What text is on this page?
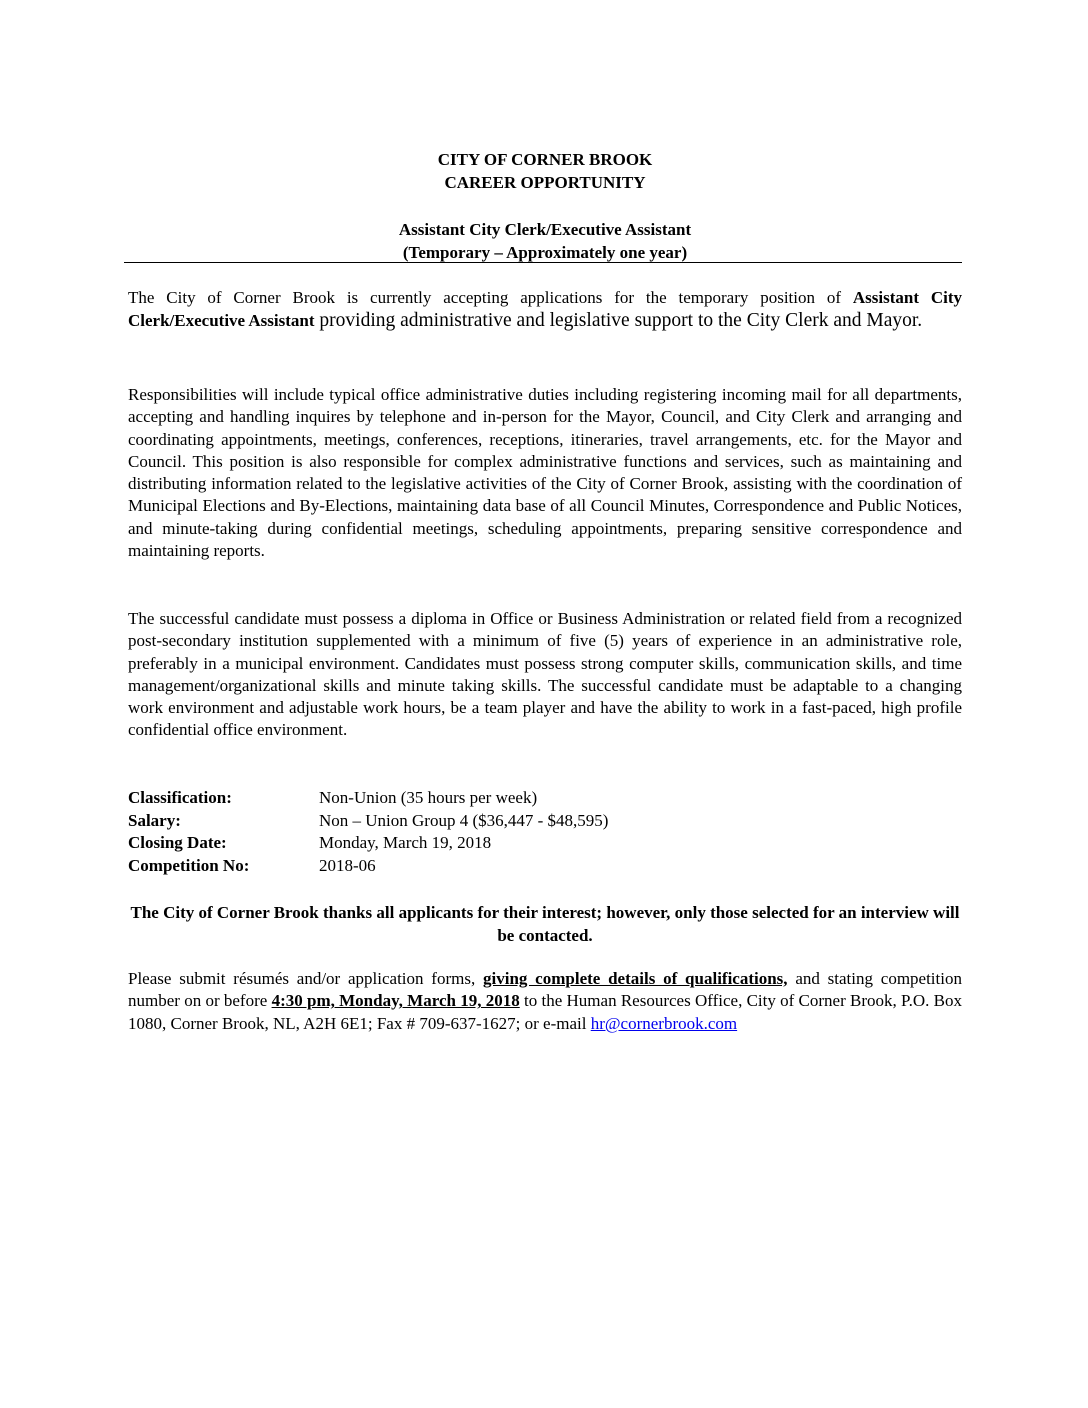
CITY OF CORNER BROOK
CAREER OPPORTUNITY
Assistant City Clerk/Executive Assistant
(Temporary – Approximately one year)

The City of Corner Brook is currently accepting applications for the temporary position of Assistant City Clerk/Executive Assistant providing administrative and legislative support to the City Clerk and Mayor.

Responsibilities will include typical office administrative duties including registering incoming mail for all departments, accepting and handling inquires by telephone and in-person for the Mayor, Council, and City Clerk and arranging and coordinating appointments, meetings, conferences, receptions, itineraries, travel arrangements, etc. for the Mayor and Council. This position is also responsible for complex administrative functions and services, such as maintaining and distributing information related to the legislative activities of the City of Corner Brook, assisting with the coordination of Municipal Elections and By-Elections, maintaining data base of all Council Minutes, Correspondence and Public Notices, and minute-taking during confidential meetings, scheduling appointments, preparing sensitive correspondence and maintaining reports.

The successful candidate must possess a diploma in Office or Business Administration or related field from a recognized post-secondary institution supplemented with a minimum of five (5) years of experience in an administrative role, preferably in a municipal environment. Candidates must possess strong computer skills, communication skills, and time management/organizational skills and minute taking skills. The successful candidate must be adaptable to a changing work environment and adjustable work hours, be a team player and have the ability to work in a fast-paced, high profile confidential office environment.

Classification:	Non-Union (35 hours per week)
Salary:	Non – Union Group 4 ($36,447 - $48,595)
Closing Date:	Monday, March 19, 2018
Competition No:	2018-06
The City of Corner Brook thanks all applicants for their interest; however, only those selected for an interview will be contacted.

Please submit résumés and/or application forms, giving complete details of qualifications, and stating competition number on or before 4:30 pm, Monday, March 19, 2018 to the Human Resources Office, City of Corner Brook, P.O. Box 1080, Corner Brook, NL, A2H 6E1; Fax # 709-637-1627; or e-mail hr@cornerbrook.com
